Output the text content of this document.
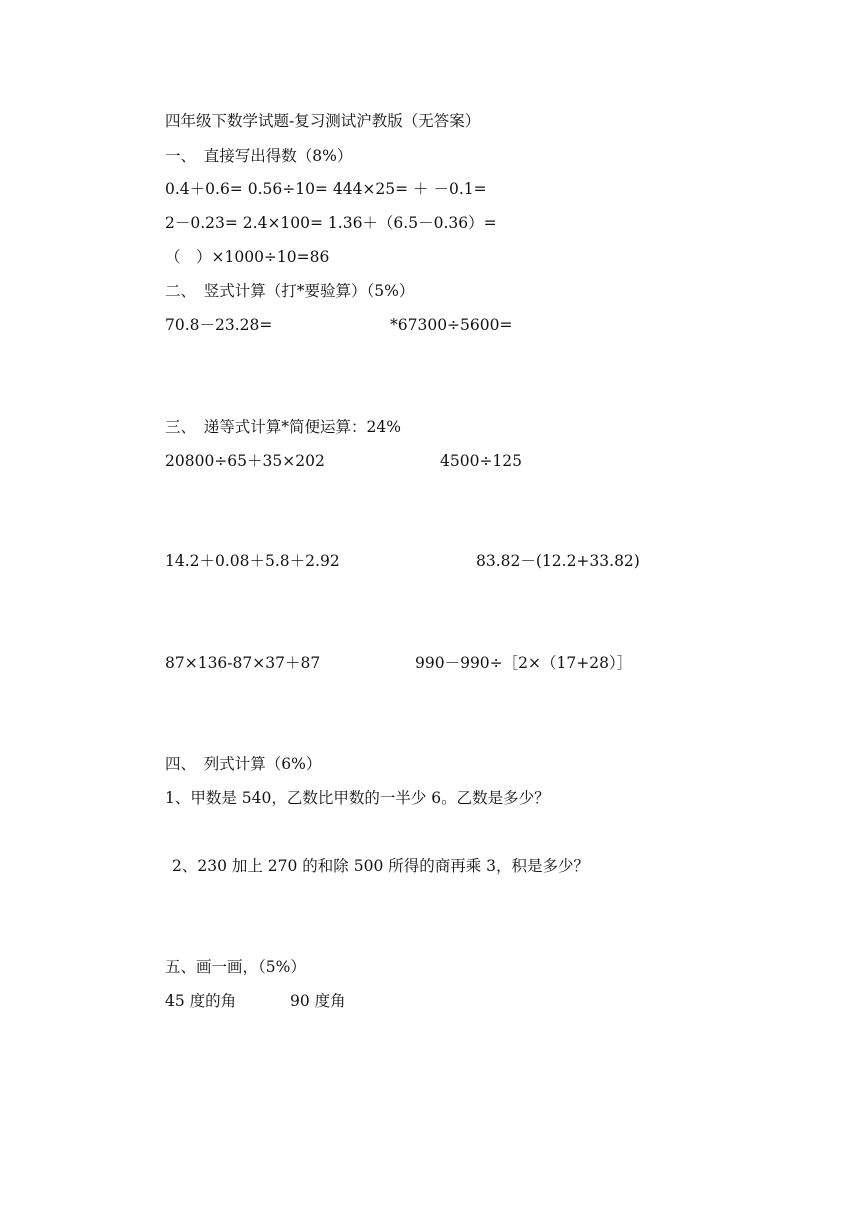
四年级下数学试题-复习测试沪教版（无答案）
一、　直接写出得数（8%）
0.4＋0.6= 0.56÷10= 444×25= ＋ －0.1=
2－0.23= 2.4×100= 1.36＋（6.5－0.36）=
（　）×1000÷10=86
二、　竖式计算（打*要验算）（5%）
70.8－23.28=	*67300÷5600=
三、　递等式计算*简便运算：24%
20800÷65＋35×202	4500÷125
14.2＋0.08＋5.8＋2.92	83.82－(12.2+33.82)
87×136-87×37＋87	990－990÷［2×（17+28）］
四、　列式计算（6%）
1、甲数是 540，乙数比甲数的一半少 6。乙数是多少？
2、230 加上 270 的和除 500 所得的商再乘 3，积是多少？
五、画一画，（5%）
45 度的角	90 度角
